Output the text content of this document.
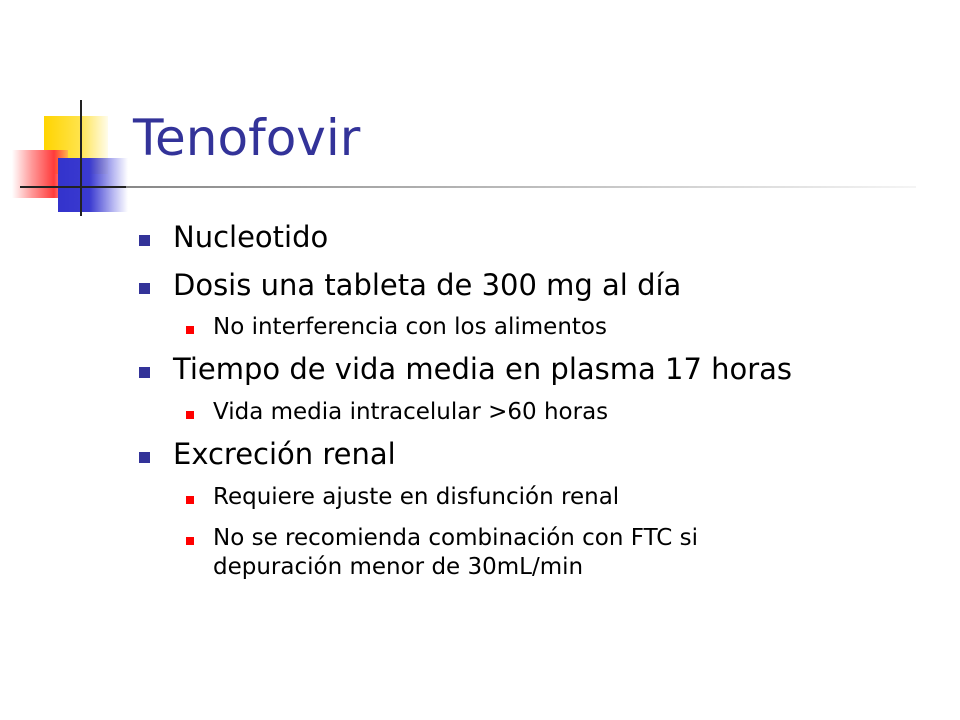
Tenofovir
Nucleotido
Dosis una tableta de 300 mg al día
No interferencia con los alimentos
Tiempo de vida media en plasma 17 horas
Vida media intracelular >60 horas
Excreción renal
Requiere ajuste en disfunción renal
No se recomienda combinación con FTC si depuración menor de 30mL/min
